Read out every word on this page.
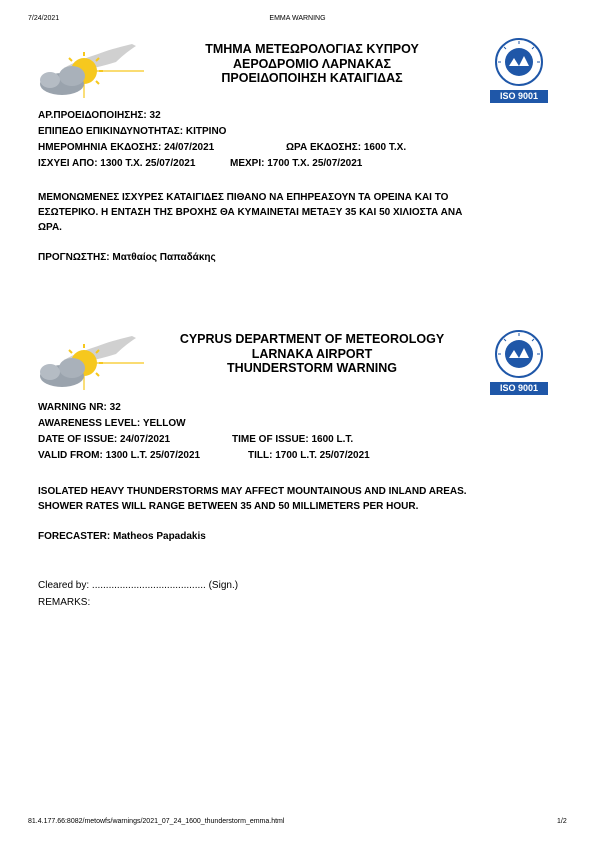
7/24/2021	EMMA WARNING
ΤΜΗΜΑ ΜΕΤΕΩΡΟΛΟΓΙΑΣ ΚΥΠΡΟΥ
ΑΕΡΟΔΡΟΜΙΟ ΛΑΡΝΑΚΑΣ
ΠΡΟΕΙΔΟΠΟΙΗΣΗ ΚΑΤΑΙΓΙΔΑΣ
ISO 9001
ΑΡ.ΠΡΟΕΙΔΟΠΟΙΗΣΗΣ: 32
ΕΠΙΠΕΔΟ ΕΠΙΚΙΝΔΥΝΟΤΗΤΑΣ: ΚΙΤΡΙΝΟ
ΗΜΕΡΟΜΗΝΙΑ ΕΚΔΟΣΗΣ: 24/07/2021	ΩΡΑ ΕΚΔΟΣΗΣ: 1600 Τ.Χ.
ΙΣΧΥΕΙ ΑΠΟ: 1300 Τ.Χ. 25/07/2021	ΜΕΧΡΙ: 1700 Τ.Χ. 25/07/2021
ΜΕΜΟΝΩΜΕΝΕΣ ΙΣΧΥΡΕΣ ΚΑΤΑΙΓΙΔΕΣ ΠΙΘΑΝΟ ΝΑ ΕΠΗΡΕΑΣΟΥΝ ΤΑ ΟΡΕΙΝΑ ΚΑΙ ΤΟ
ΕΣΩΤΕΡΙΚΟ. Η ΕΝΤΑΣΗ ΤΗΣ ΒΡΟΧΗΣ ΘΑ ΚΥΜΑΙΝΕΤΑΙ ΜΕΤΑΞΥ 35 ΚΑΙ 50 ΧΙΛΙΟΣΤΑ ΑΝΑ
ΩΡΑ.
ΠΡΟΓΝΩΣΤΗΣ: Ματθαίος Παπαδάκης
CYPRUS DEPARTMENT OF METEOROLOGY
LARNAKA AIRPORT
THUNDERSTORM WARNING
ISO 9001
WARNING NR: 32
AWARENESS LEVEL: YELLOW
DATE OF ISSUE: 24/07/2021	TIME OF ISSUE: 1600 L.T.
VALID FROM: 1300 L.T. 25/07/2021	TILL: 1700 L.T. 25/07/2021
ISOLATED HEAVY THUNDERSTORMS MAY AFFECT MOUNTAINOUS AND INLAND AREAS.
SHOWER RATES WILL RANGE BETWEEN 35 AND 50 MILLIMETERS PER HOUR.
FORECASTER: Matheos Papadakis
Cleared by: ......................................... (Sign.)
REMARKS:
81.4.177.66:8082/metowfs/warnings/2021_07_24_1600_thunderstorm_emma.html	1/2
